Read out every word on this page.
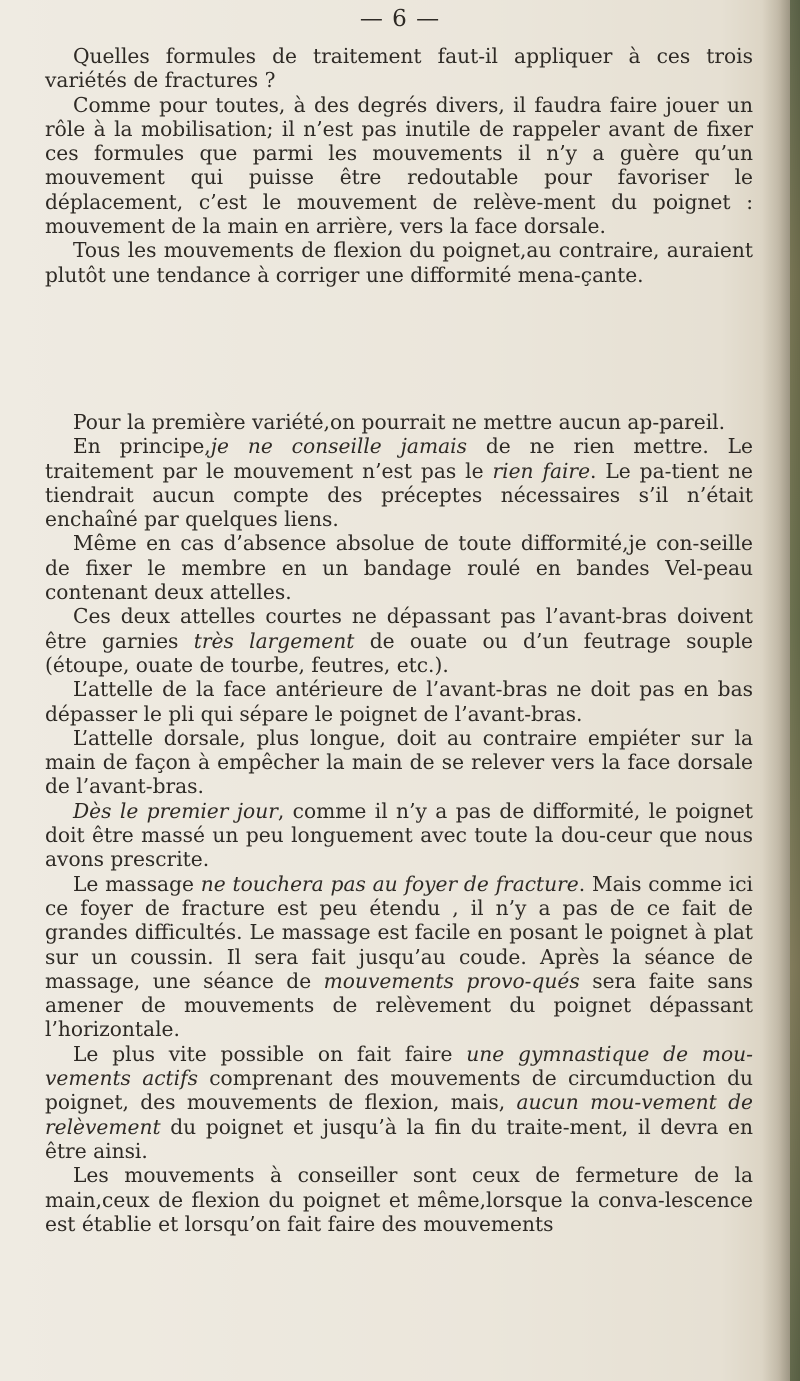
— 6 —

Quelles formules de traitement faut-il appliquer à ces trois variétés de fractures ?

Comme pour toutes, à des degrés divers, il faudra faire jouer un rôle à la mobilisation; il n’est pas inutile de rappeler avant de fixer ces formules que parmi les mouvements il n’y a guère qu’un mouvement qui puisse être redoutable pour favoriser le déplacement, c’est le mouvement de relève-ment du poignet : mouvement de la main en arrière, vers la face dorsale.

Tous les mouvements de flexion du poignet,au contraire, auraient plutôt une tendance à corriger une difformité mena-çante.

Pour la première variété,on pourrait ne mettre aucun ap-pareil.

En principe,je ne conseille jamais de ne rien mettre. Le traitement par le mouvement n’est pas le rien faire. Le pa-tient ne tiendrait aucun compte des préceptes nécessaires s’il n’était enchaîné par quelques liens.

Même en cas d’absence absolue de toute difformité,je con-seille de fixer le membre en un bandage roulé en bandes Vel-peau contenant deux attelles.

Ces deux attelles courtes ne dépassant pas l’avant-bras doivent être garnies très largement de ouate ou d’un feutrage souple (étoupe, ouate de tourbe, feutres, etc.).

L’attelle de la face antérieure de l’avant-bras ne doit pas en bas dépasser le pli qui sépare le poignet de l’avant-bras.

L’attelle dorsale, plus longue, doit au contraire empiéter sur la main de façon à empêcher la main de se relever vers la face dorsale de l’avant-bras.

Dès le premier jour, comme il n’y a pas de difformité, le poignet doit être massé un peu longuement avec toute la dou-ceur que nous avons prescrite.

Le massage ne touchera pas au foyer de fracture. Mais comme ici ce foyer de fracture est peu étendu , il n’y a pas de ce fait de grandes difficultés. Le massage est facile en posant le poignet à plat sur un coussin. Il sera fait jusqu’au coude. Après la séance de massage, une séance de mouvements provo-qués sera faite sans amener de mouvements de relèvement du poignet dépassant l’horizontale.

Le plus vite possible on fait faire une gymnastique de mou-vements actifs comprenant des mouvements de circumduction du poignet, des mouvements de flexion, mais, aucun mou-vement de relèvement du poignet et jusqu’à la fin du traite-ment, il devra en être ainsi.

Les mouvements à conseiller sont ceux de fermeture de la main,ceux de flexion du poignet et même,lorsque la conva-lescence est établie et lorsqu’on fait faire des mouvements
